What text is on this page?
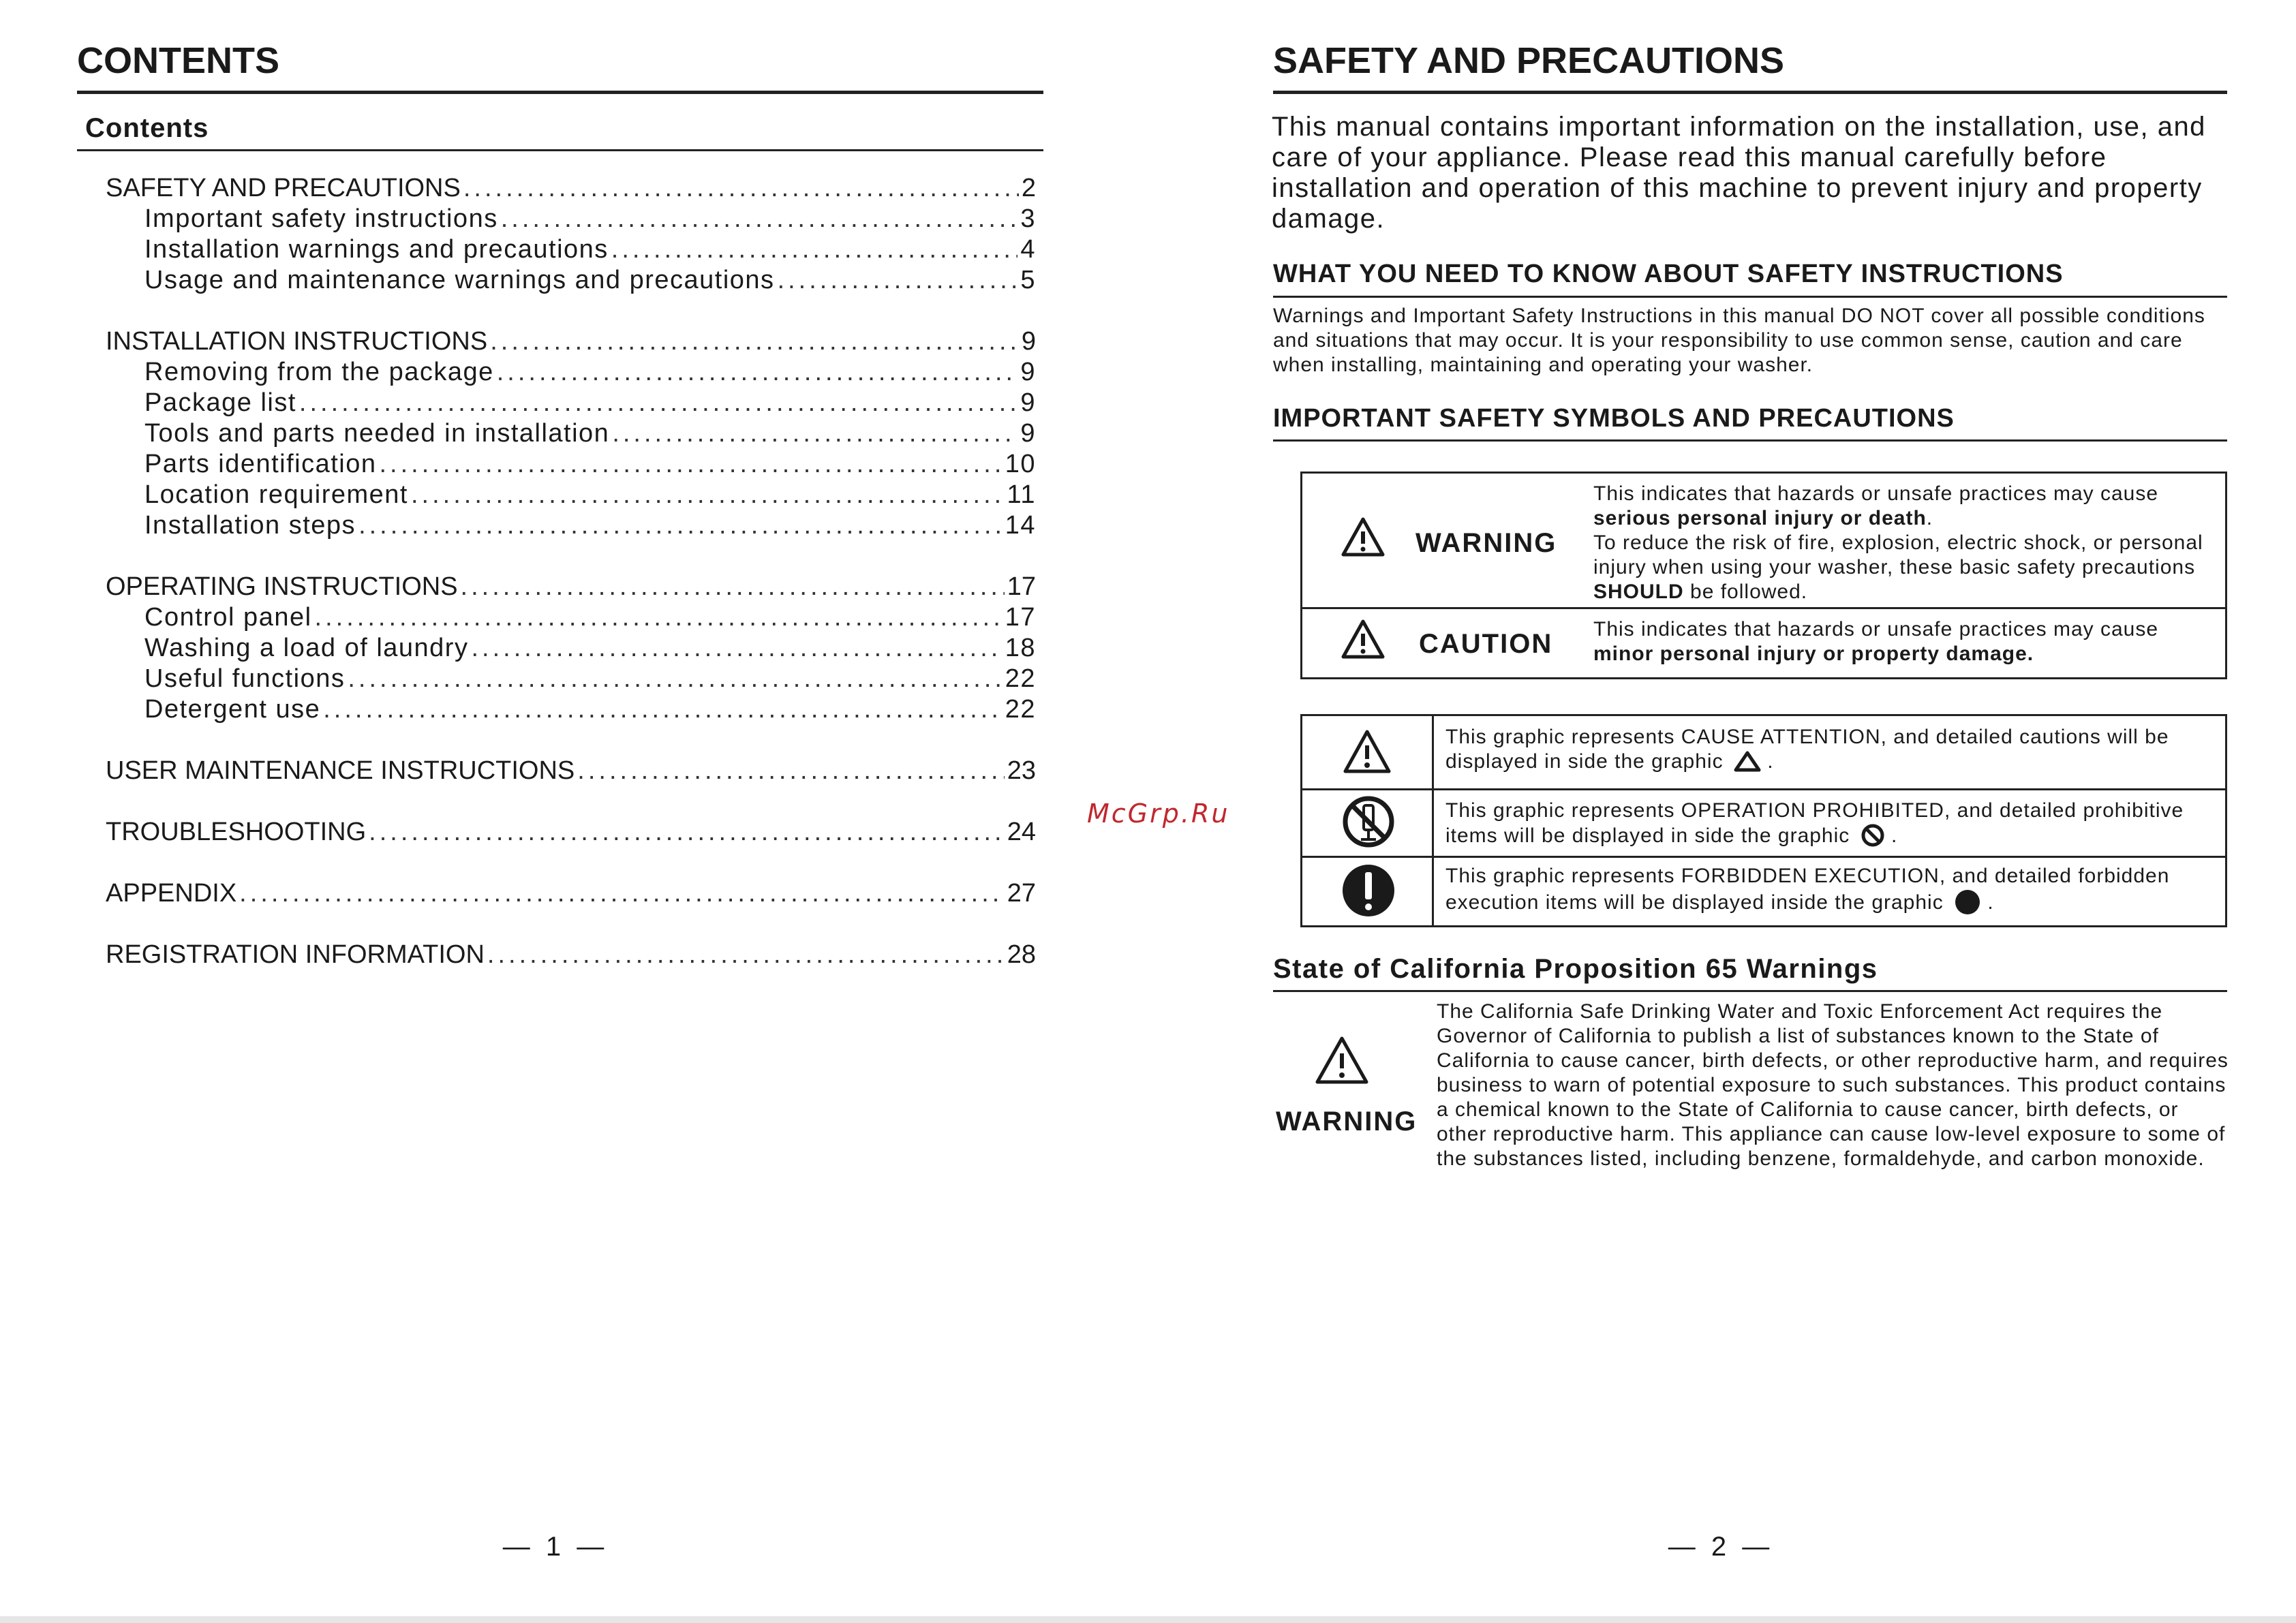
CONTENTS
Contents
SAFETY AND PRECAUTIONS .....	2
Important safety instructions .....	3
Installation warnings and precautions .....	4
Usage and maintenance warnings and precautions .....	5
INSTALLATION INSTRUCTIONS .....	9
Removing from the package .....	9
Package list .....	9
Tools and parts needed in installation .....	9
Parts identification .....	10
Location requirement .....	11
Installation steps .....	14
OPERATING INSTRUCTIONS .....	17
Control panel .....	17
Washing a load of laundry .....	18
Useful functions .....	22
Detergent use .....	22
USER MAINTENANCE INSTRUCTIONS .....	23
TROUBLESHOOTING .....	24
APPENDIX .....	27
REGISTRATION INFORMATION .....	28
— 1 —
McGrp.Ru
SAFETY AND PRECAUTIONS
This manual contains important information on the installation, use, and care of your appliance. Please read this manual carefully before installation and operation of this machine to prevent injury and property damage.
WHAT YOU NEED TO KNOW ABOUT SAFETY INSTRUCTIONS
Warnings and Important Safety Instructions in this manual DO NOT cover all possible conditions and situations that may occur. It is your responsibility to use common sense, caution and care when installing, maintaining and operating your washer.
IMPORTANT SAFETY SYMBOLS AND PRECAUTIONS
WARNING
This indicates that hazards or unsafe practices may cause
serious personal injury or death.
To reduce the risk of fire, explosion, electric shock, or personal injury when using your washer, these basic safety precautions SHOULD be followed.
CAUTION This indicates that hazards or unsafe practices may cause
minor personal injury or property damage.
This graphic represents CAUSE ATTENTION, and detailed cautions will be displayed in side the graphic  .
This graphic represents OPERATION PROHIBITED, and detailed prohibitive items will be displayed in side the graphic  .
This graphic represents FORBIDDEN EXECUTION, and detailed forbidden execution items will be displayed inside the graphic  .
State of California Proposition 65 Warnings
WARNING
The California Safe Drinking Water and Toxic Enforcement Act requires the Governor of California to publish a list of substances known to the State of California to cause cancer, birth defects, or other reproductive harm, and requires business to warn of potential exposure to such substances. This product contains a chemical known to the State of California to cause cancer, birth defects, or other reproductive harm. This appliance can cause low-level exposure to some of the substances listed, including benzene, formaldehyde, and carbon monoxide.
— 2 —
